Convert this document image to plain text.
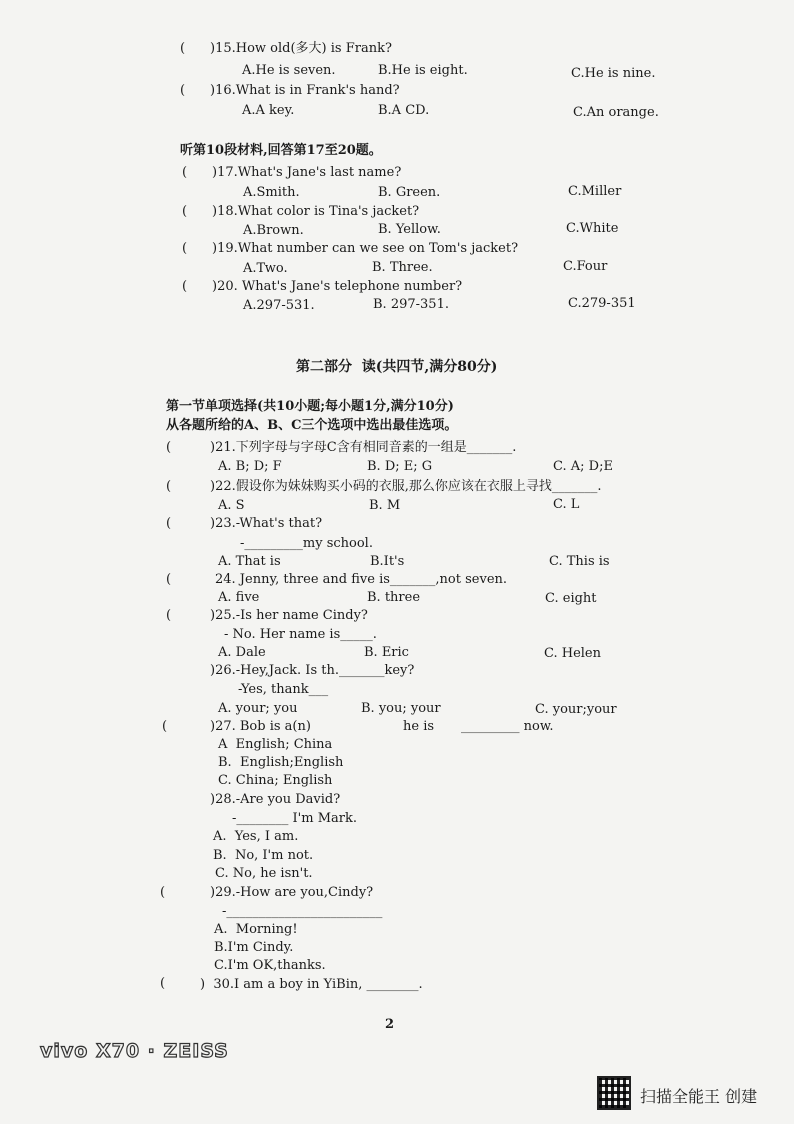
第二部分  读(共四节,满分80分)
第一节单项选择(共10小题;每小题1分,满分10分)
从各题所给的A、B、C三个选项中选出最佳选项。
2
vivo X70 · ZEISS
扫描全能王 创建
( )15.How old(多大) is Frank?
A.He is seven.	B.He is eight.	C.He is nine.
( )16.What is in Frank's hand?
A.A key.	B.A CD.	C.An orange.
听第10段材料,回答第17至20题。
( )17.What's Jane's last name?
A.Smith.	B. Green.	C.Miller
( )18.What color is Tina's jacket?
A.Brown.	B. Yellow.	C.White
( )19.What number can we see on Tom's jacket?
A.Two.	B. Three.	C.Four
( )20. What's Jane's telephone number?
A.297-531.	B. 297-351.	C.279-351
(	)21.下列字母与字母C含有相同音素的一组是_______.
A. B; D; F	B. D; E; G	C. A; D;E
(	)22.假设你为妹妹购买小码的衣服,那么你应该在衣服上寻找_______.
A. S	B. M	C. L
(	)23.-What's that?
-_________my school.
A. That is	B.It's	C. This is
(	24. Jenny, three and five is_______,not seven.
A. five	B. three	C. eight
(	)25.-Is her name Cindy?
- No. Her name is_____.
A. Dale	B. Eric	C. Helen
)26.-Hey,Jack. Is th._______key?
-Yes, thank___
A. your; you	B. you; your	C. your;your
(	)27. Bob is a(n)	he is _________ now.
A  English; China
B.  English;English
C. China; English
)28.-Are you David?
-________ I'm Mark.
A.  Yes, I am.
B.  No, I'm not.
C. No, he isn't.
(	)29.-How are you,Cindy?
-________________________
A.  Morning!
B.I'm Cindy.
C.I'm OK,thanks.
(	)  30.I am a boy in YiBin, ________.
